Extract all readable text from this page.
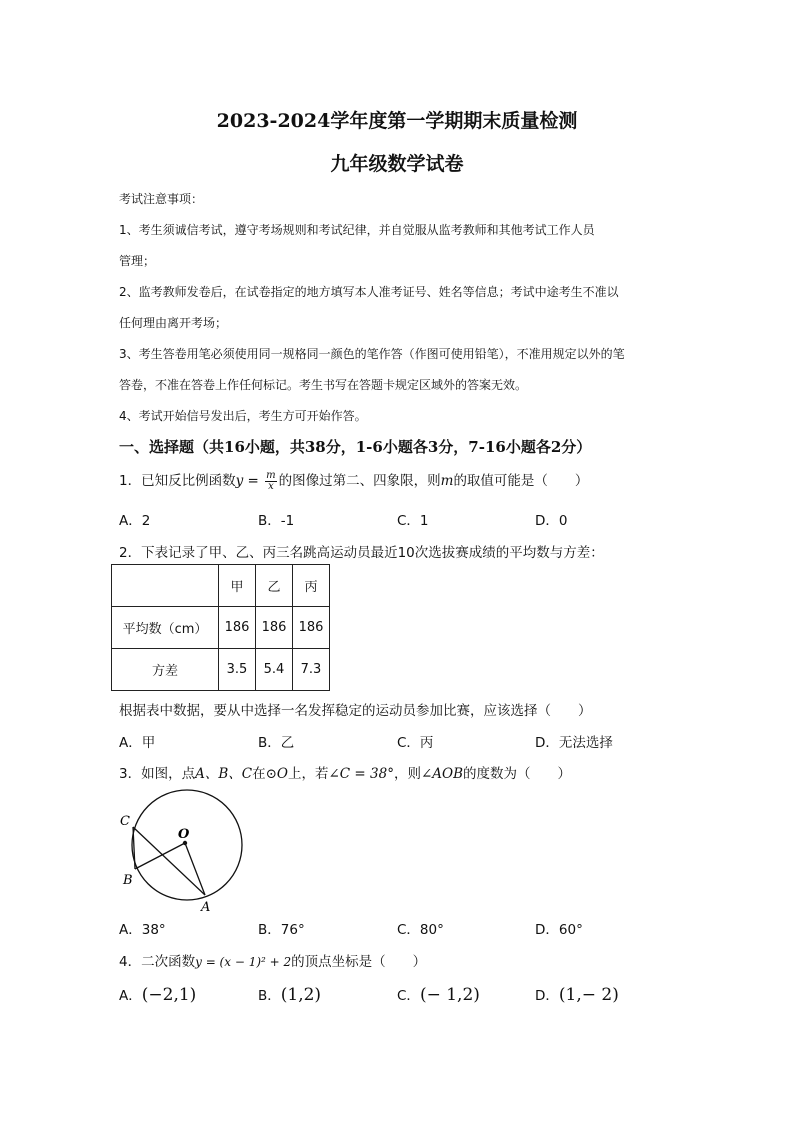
2023-2024学年度第一学期期末质量检测
九年级数学试卷
考试注意事项：
1、考生须诚信考试，遵守考场规则和考试纪律，并自觉服从监考教师和其他考试工作人员
管理；
2、监考教师发卷后，在试卷指定的地方填写本人准考证号、姓名等信息；考试中途考生不准以
任何理由离开考场；
3、考生答卷用笔必须使用同一规格同一颜色的笔作答（作图可使用铅笔），不准用规定以外的笔
答卷，不准在答卷上作任何标记。考生书写在答题卡规定区域外的答案无效。
4、考试开始信号发出后，考生方可开始作答。
一、选择题（共16小题，共38分，1-6小题各3分，7-16小题各2分）
1．已知反比例函数$y = \frac{m}{x}$ 的图像过第二、四象限，则m的取值可能是（　　）
A．2	B．-1	C．1	D．0
2．下表记录了甲、乙、丙三名跳高运动员最近10次选拔赛成绩的平均数与方差：
	甲	乙	丙
平均数（cm）	186	186	186
方差	3.5	5.4	7.3
根据表中数据，要从中选择一名发挥稳定的运动员参加比赛，应该选择（　　）
A．甲	B．乙	C．丙	D．无法选择
3．如图，点A、B、C在⊙O上，若∠C = 38°，则∠AOB的度数为（　　）
C
O
B
A
A．38°	B．76°	C．80°	D．60°
4．二次函数y = (x − 1)² + 2的顶点坐标是（　　）
A．(−2,1)	B．(1,2)	C．(− 1,2)	D．(1,− 2)
